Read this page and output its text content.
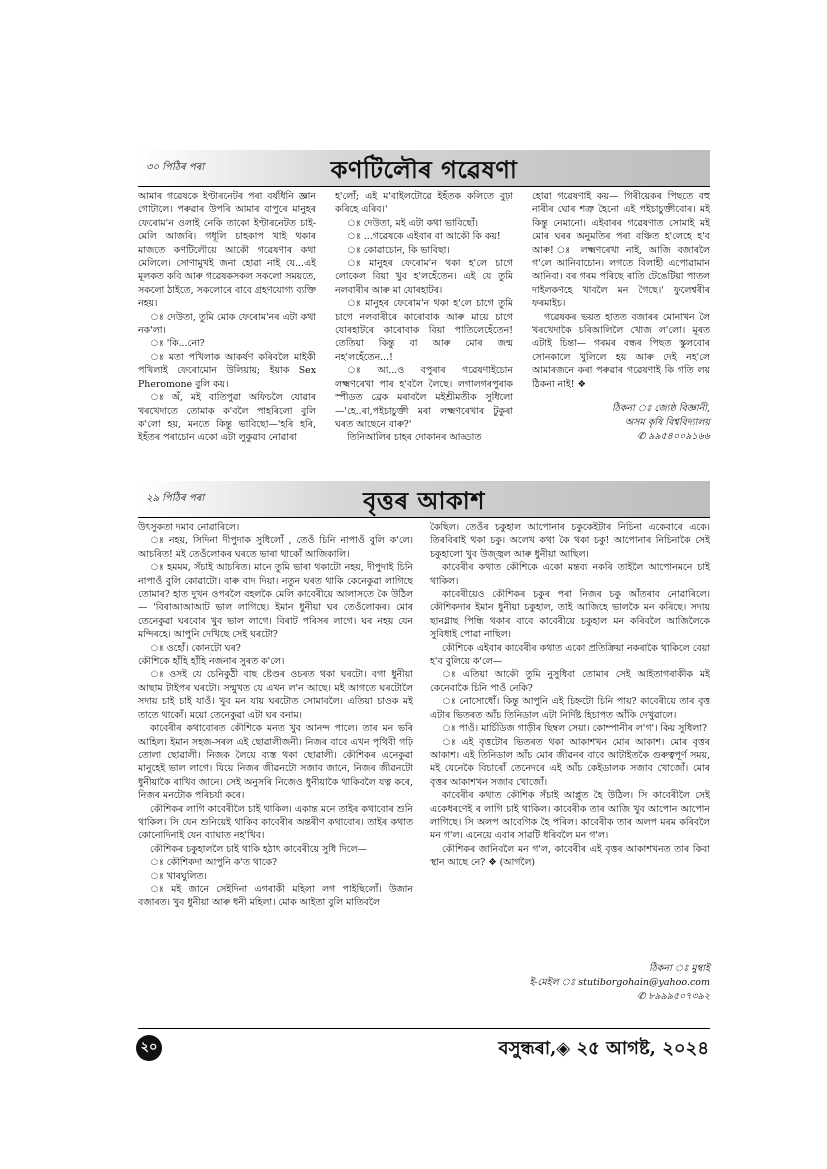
৩০ পিঠিৰ পৰা	কণটিলৌৰ গৱেষণা

আমাৰ গৱেষকে ইণ্টাৰনেটৰ পৰা বৰ্ষধিনি জ্ঞান গোটালে। পৰুৱাৰ উপৰি আমাৰ বাপুৰে মানুহৰ ফেৰোম'ন ওলাই নেকি তাকো ইণ্টাৰনেটত চাই-মেলি আজৰি। গধূলি চাহকাপ খাই থকাৰ মাজতে কণটিলৌয়ে আকৌ গৱেষণাৰ কথা মেলিলে। সোণামুখই জনা হোৱা নাই যে...এই মূলকত কবি আৰু গৱেষকসকল সকলো সময়তে, সকলো ঠাইতে, সকলোৰে বাবে গ্ৰহণযোগ্য ব্যক্তি নহয়।

ঃ দেউতা, তুমি মোক ফেৰোম'নৰ এটা কথা নক'লা।

ঃ 'কি...নো?

ঃ মতা পখিলাক আকৰ্ষণ কৰিবলৈ মাইকী পখিলাই ফেৰোমোন উলিয়ায়; ইয়াক Sex Pheromone বুলি কয়।

ঃ অঁ, মই বাতিপুৱা অফিচলৈ যোৱাৰ খৰখেদাতে তোমাক ক'বলৈ পাহৰিলো বুলি ক'লো হয়, মনতে কিন্তু ভাবিছো—'হৰি হৰি, ইহঁতৰ পৰাচোন একো এটা লুকুৱাব নোৱাৰা

হ'লোঁ; এই ম'বাইলটোৱে ইহঁতক কলিতে বুঢ়া কৰিহে এৰিব।'

ঃ দেউতা, মই এটা কথা ভাবিছোঁ।

ঃ ...গৱেষকে এইবাৰ বা আকৌ কি কয়!

ঃ কোৱাচোন, কি ভাবিছা।

ঃ মানুহৰ ফেৰোম'ন থকা হ'লে চাগে লোকেল বিয়া খুব হ'লহেঁতেন। এই যে তুমি নলবাৰীৰ আৰু মা যোৰহাটৰ।

ঃ মানুহৰ ফেৰোম'ন থকা হ'লে চাগে তুমি চাগে নলবাৰীৰে কাৰোবাক আৰু মায়ে চাগে যোৰহাটৰে কাৰোবাক বিয়া পাতিলেহেঁতেন! তেতিয়া কিন্তু বা আৰু মোৰ জন্ম নহ'লহেঁতেন...!

ঃ আ...ও বপুৰাৰ গৱেষণাইচোন লক্ষ্মণৰেখা পাৰ হ'বলৈ লৈছে। লগালগৰপুৰাক স্পীডত ব্ৰেক মৰাবলৈ মইশ্ৰীমতীক সুধিলো—'হে..ৰা,পইচাচুক্তী মৰা লক্ষ্মণৰেখাৰ টুকুৰা ঘৰত আছেনে বাৰু?'

তিনিআলিৰ চাহৰ দোকানৰ আড্ডাত

হোৱা গৱেষণাই কয়— গিৰীয়েকৰ পিছতে বহু নাৰীৰ ঘোৰ শত্ৰু হৈনো এই পইচাচুক্তীবোৰ। মই কিন্তু নেমানো। এইবাৰৰ গৱেষণাত সোমাই মই মোৰ ঘৰৰ অনুমতিৰ পৰা বঞ্চিত হ'লেহে হ'ব আৰু! ঃ লক্ষ্মণৰেখা নাই, আজি বজাৰলৈ গ'লে আনিবাচোন। লগতে বিলাহী এপোৱামান আনিবা। বৰ গৰম পৰিছে ৰাতি টেঙেটিয়া পাতল দাইলকণহে খাবলৈ মন গৈছে।' ফুলেশ্বৰীৰ ফৰমাইচ।

গৱেষকৰ ভয়ত হাতত বজাৰৰ মোনাখন লৈ খৰখেদাকৈ চৰিআলিলৈ খোজ ল'লো। মূৰত এটাই চিন্তা— গৰমৰ বন্ধৰ পিছত স্কুলবোৰ সোনকালে খুলিলে হয় আৰু দেই নহ'লে আমাৰজনে কৰা পৰুৱাৰ গৱেষণাই কি গতি লয় ঠিকনা নাই! ❖

ঠিকনা ঃ জ্যেষ্ঠ বিজ্ঞানী,
অসম কৃষি বিশ্ববিদ্যালয়
✆ ৯৯৫৪০০৯১৬৬
২৯ পিঠিৰ পৰা	বৃত্তৰ আকাশ

উৎসুকতা দমাব নোৱাৰিলে।

ঃ নহয়, সিদিনা দীপুদাক সুধিলোঁ , তেওঁ চিনি নাপাওঁ বুলি ক'লে। আচৰিত! মই তেওঁলোকৰ ঘৰতে ভাৰা থাকোঁ আজিকালি।

ঃ হমমম, সঁচাই আচৰিত। মানে তুমি ভাৰা থকাটো নহয়, দীপুদাই চিনি নাপাওঁ বুলি কোৱাটো। বাৰু বাদ দিয়া। নতুন ঘৰত থাকি কেনেকুৱা লাগিছে তোমাৰ? হাত দুখন ওপৰলৈ বহলকৈ মেলি কাবেৰীয়ে আলাসতে কৈ উঠিল— 'বিৰাআআআট ভাল লাগিছে। ইমান ধুনীয়া ঘৰ তেওঁলোকৰ। মোৰ তেনেকুৱা ঘৰবোৰ খুব ভাল লাগে। বিৰাট পৰিসৰ লাগে। ঘৰ নহয় যেন মন্দিৰহে। আপুনি দেখিছে সেই ঘৰটো?

ঃ ওহোঁ। কোনটো ঘৰ?

কৌশিকে হাঁহি হাঁহি নজনাৰ সুৰত ক'লে।

ঃ ওসই যে চেনিকুঠী বাছ ষ্টেণ্ডৰ ওচৰত থকা ঘৰটো। বগা ধুনীয়া আছাম টাইপৰ ঘৰটো। সন্মুখত যে এখন ল'ন আছে। মই আগতে ঘৰটোলৈ সদায় চাই চাই যাওঁ। খুব মন যায় ঘৰটোত সোমাবলৈ। এতিয়া চাওক মই তাতে থাকোঁ। ময়ো তেনেকুৱা এটা ঘৰ বনাম।

কাবেৰীৰ কথাবোৰত কৌশিকে মনত খুব আনন্দ পালে। তাৰ মন ভৰি আহিল। ইমান সহজ-সৰল এই ছোৱালীজনী। নিজৰ বাবে এখন পৃথিবী গঢ়ি তোলা ছোৱালী। নিজক লৈয়ে ব্যস্ত থকা ছোৱালী। কৌশিকৰ এনেকুৱা মানুহেই ভাল লাগে। যিয়ে নিজৰ জীৱনটো সজাব জানে, নিজৰ জীৱনটো ধুনীয়াকৈ ৰাখিব জানে। সেই অনুসৰি নিজেও ধুনীয়াকৈ থাকিবলৈ যত্ন কৰে, নিজৰ মনটোক পৰিচৰ্যা কৰে।

কৌশিকৰ লাগি কাবেৰীলৈ চাই থাকিল। একান্ত মনে তাইৰ কথাবোৰ শুনি থাকিল। সি যেন শুনিয়েই থাকিব কাবেৰীৰ অন্তৰীণ কথাবোৰ। তাইৰ কথাত কোনোদিনাই যেন ব্যাঘাত নহ'খিব।

কৌশিকৰ চকুহাললৈ চাই থাকি হঠাৎ কাবেৰীয়ে সুধি দিলে—

ঃ কৌশিকদা আপুনি ক'ত থাকে?

ঃ খাৰঘুলিত।

ঃ মই জানে সেইদিনা এগৰাকী মহিলা লগ পাইছিলোঁ। উজান বজাৰত। খুব ধুনীয়া আৰু ধনী মহিলা। মোক আইতা বুলি মাতিবলৈ

কৈছিল। তেওঁৰ চকুহাল আপোনাৰ চকুকেইটাৰ নিচিনা একেবাৰে একে। তিৰবিৰাই থকা চকু। অলেখ কথা কৈ থকা চকু! আপোনাৰ নিচিনাকৈ সেই চকুহালো খুব উজ্জ্বল আৰু ধুনীয়া আছিল।

কাবেৰীৰ কথাত কৌশিকে একো মন্তব্য নকৰি তাইলৈ আপোনমনে চাই থাকিল।

কাবেৰীয়েও কৌশিকৰ চকুৰ পৰা নিজৰ চকু আঁতৰাব নোৱাৰিলে। কৌশিকদাৰ ইমান ধুনীয়া চকুহাল, তাই আজিহে ভালকৈ মন কৰিছে। সদায় ছানগ্লাছ পিন্ধি থকাৰ বাবে কাবেৰীয়ে চকুহাল মন কৰিবলৈ আজিলৈকে সুবিধাই পোৱা নাছিল।

কৌশিকে এইবাৰ কাবেৰীৰ কথাত একো প্ৰতিক্ৰিয়া নকৰাকৈ থাকিলে বেয়া হ'ব বুলিয়ে ক'লে—

ঃ এতিয়া আকৌ তুমি নুসুধিবা তোমাৰ সেই আইতাগৰাকীক মই কেনেবাকৈ চিনি পাওঁ নেকি?

ঃ নোসোধোঁ। কিন্তু আপুনি এই চিহ্নটো চিনি পায়? কাবেৰীয়ে তাৰ বৃত্ত এটাৰ ভিতৰত আঁচ তিনিডাল এটা নিৰ্দিষ্ট হিচাপত আঁকি দেখুৱালে।

ঃ পাওঁ। মাৰ্চিডিজ গাড়ীৰ ছিম্বল সেয়া। কোম্পানীৰ ল'গ'। কিয় সুধিলা?

ঃ এই বৃত্তটোৰ ভিতৰত থকা আকাশখন মোৰ আকাশ। মোৰ বৃত্তৰ আকাশ। এই তিনিডাল আঁচ মোৰ জীৱনৰ বাবে আটাইতকৈ গুৰুত্বপূৰ্ণ সময়, মই যেনেকৈ বিচাৰোঁ তেনেদৰে এই আঁচ কেইডালক সজাব খোজোঁ। মোৰ বৃত্তৰ আকাশখন সজাব খোজোঁ।

কাবেৰীৰ কথাত কৌশিক সঁচাই আপ্লুত হৈ উঠিল। সি কাবেৰীলৈ সেই একেধৰণেই ৰ লাগি চাই থাকিল। কাবেৰীক তাৰ আজি খুব আপোন আপোন লাগিছে। সি অলপ আবেগিক হৈ পৰিল। কাবেৰীক তাৰ অলপ মৰম কৰিবলৈ মন গ'ল। এনেয়ে এবাৰ সাৱটি ধৰিবলৈ মন গ'ল।

কৌশিকৰ জানিবলৈ মন গ'ল, কাবেৰীৰ এই বৃত্তৰ আকাশখনত তাৰ কিবা স্থান আছে নে? ❖ (আগলৈ)

ঠিকনা ঃ মুম্বাই
ই-মেইল ঃ stutiborgohain@yahoo.com
✆ ৮৯৯৯৫০৭৩৯২
২০	বসুন্ধৰা,◈ ২৫ আগষ্ট, ২০২৪
